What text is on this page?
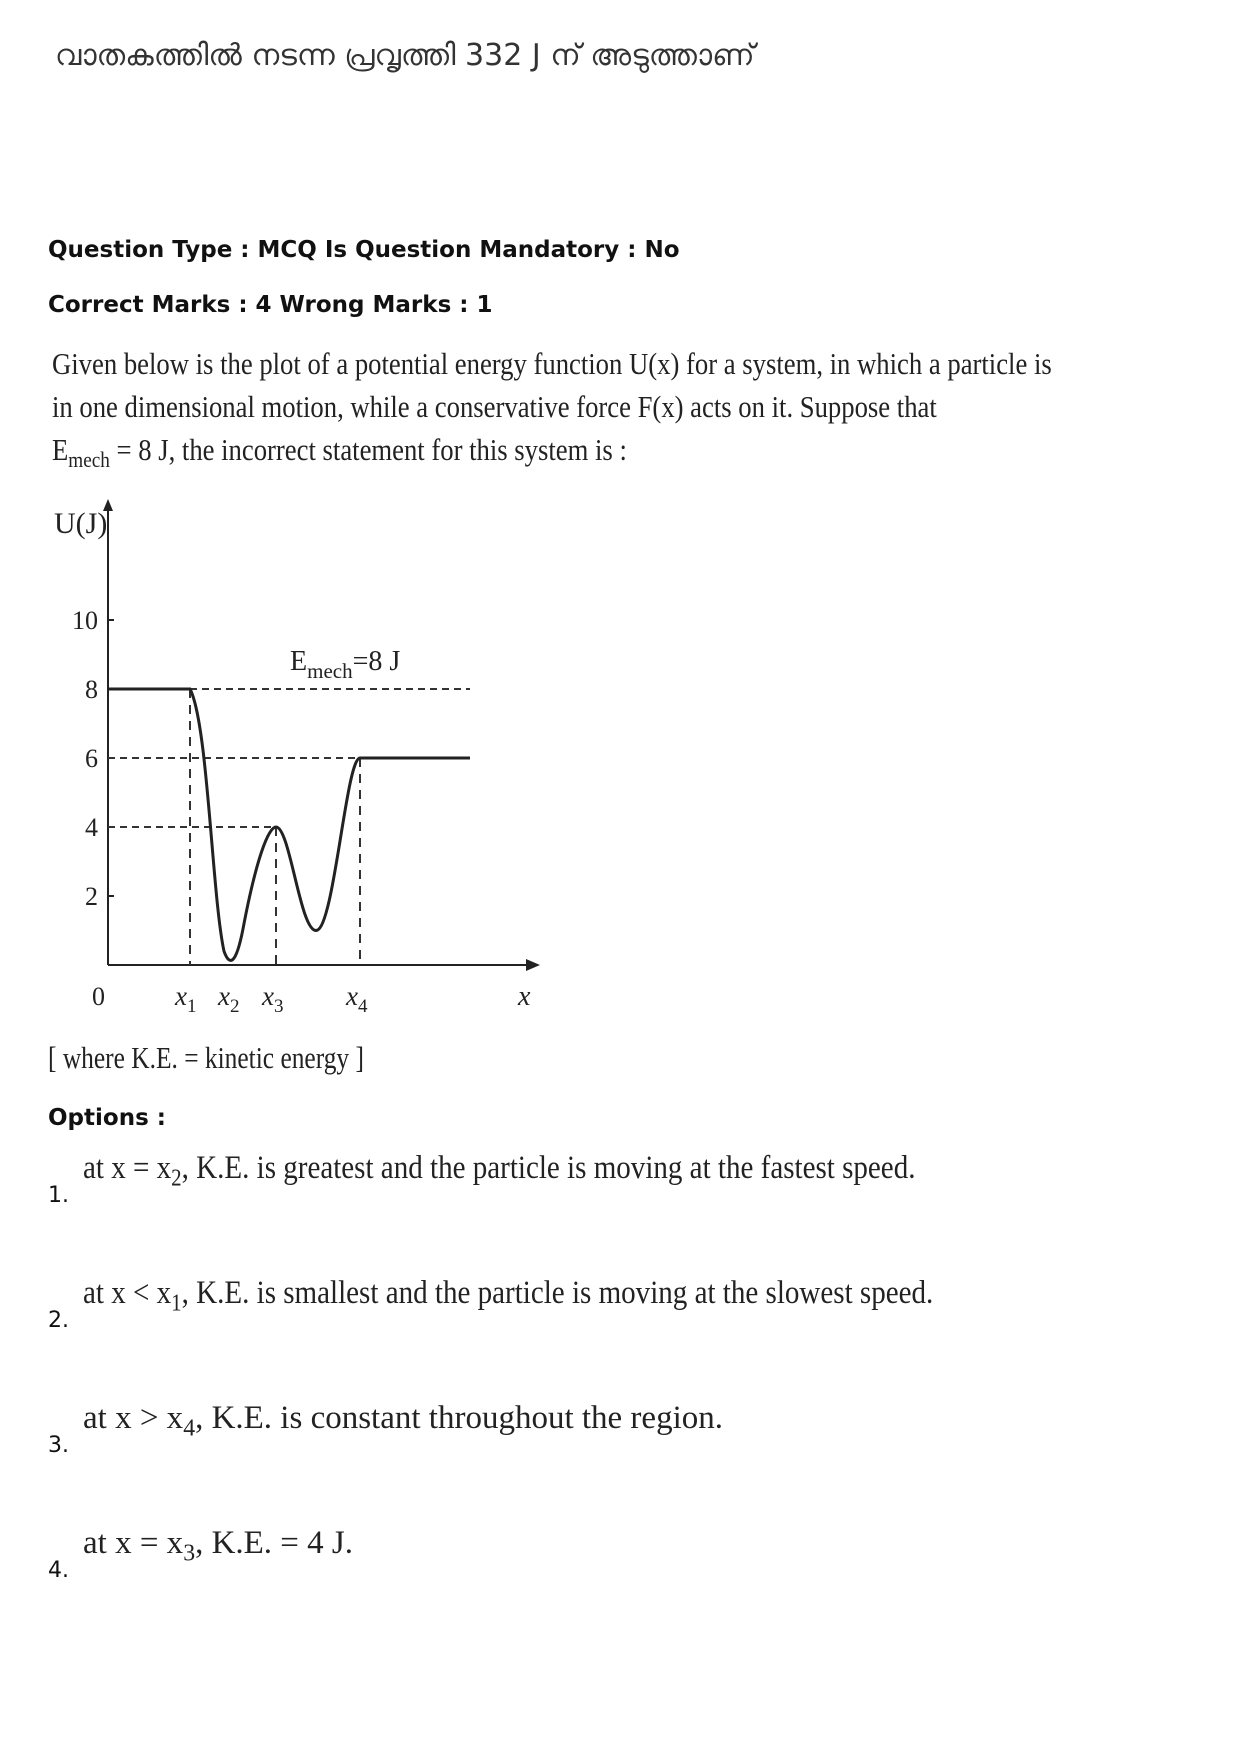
വാതകത്തിൽ നടന്ന പ്രവൃത്തി 332 J ന് അടുത്താണ്
Question Type : MCQ Is Question Mandatory : No
Correct Marks : 4 Wrong Marks : 1

Given below is the plot of a potential energy function U(x) for a system, in which a particle is

in one dimensional motion, while a conservative force F(x) acts on it. Suppose that

$E_{mech} = 8$ J, the incorrect statement for this system is :

U(J)
10
8
6
4
2
$E_{mech}=8$ J
0	$x_1$ $x_2$ $x_3$ $x_4$	x
[ where K.E. = kinetic energy ]
Options :
1.
at $x = x_2$, K.E. is greatest and the particle is moving at the fastest speed.
2.
at $x < x_1$, K.E. is smallest and the particle is moving at the slowest speed.
3.
at $x > x_4$, K.E. is constant throughout the region.
4.
at $x = x_3$, K.E. = 4 J.
